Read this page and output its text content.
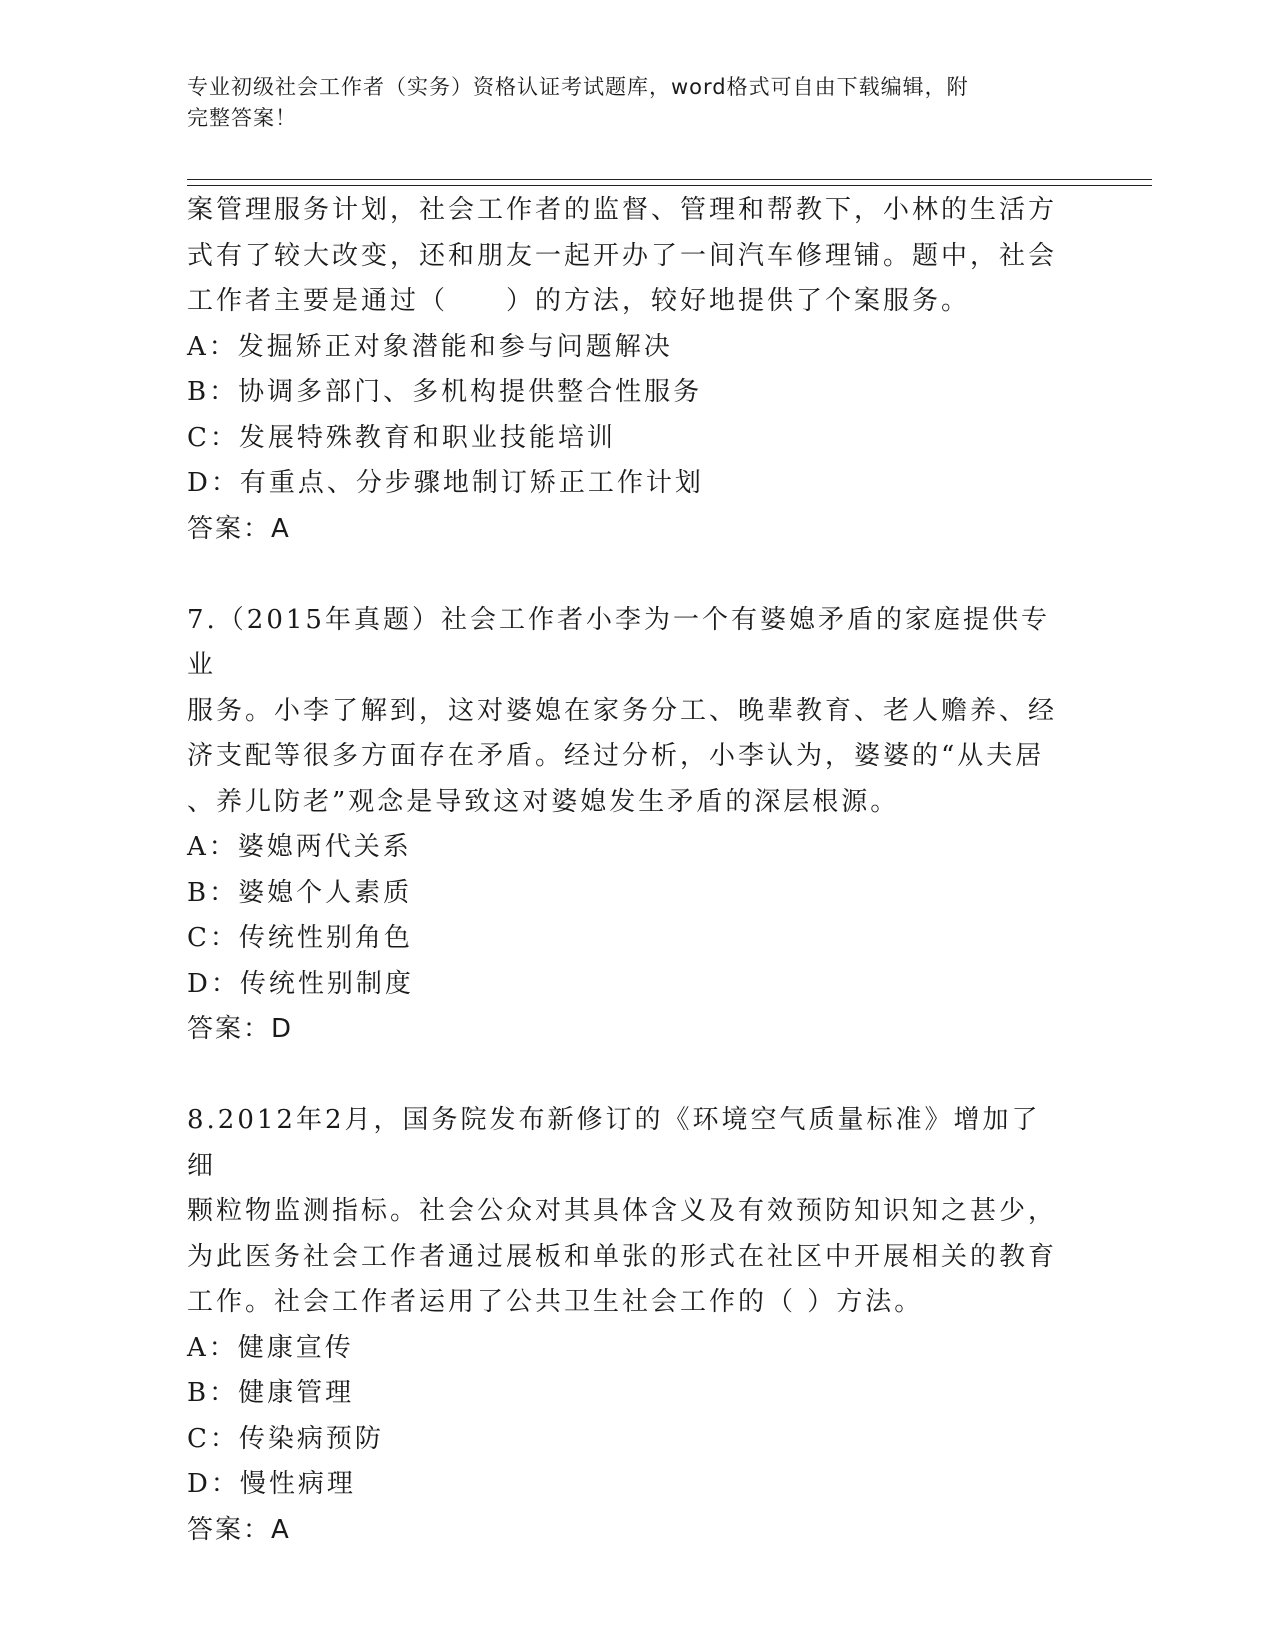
专业初级社会工作者（实务）资格认证考试题库，word格式可自由下载编辑，附
完整答案！

案管理服务计划，社会工作者的监督、管理和帮教下，小林的生活方

式有了较大改变，还和朋友一起开办了一间汽车修理铺。题中，社会

工作者主要是通过（　　）的方法，较好地提供了个案服务。

A：发掘矫正对象潜能和参与问题解决

B：协调多部门、多机构提供整合性服务

C：发展特殊教育和职业技能培训

D：有重点、分步骤地制订矫正工作计划

答案：A

7.（2015年真题）社会工作者小李为一个有婆媳矛盾的家庭提供专业

服务。小李了解到，这对婆媳在家务分工、晚辈教育、老人赡养、经

济支配等很多方面存在矛盾。经过分析，小李认为，婆婆的“从夫居

、养儿防老”观念是导致这对婆媳发生矛盾的深层根源。

A：婆媳两代关系

B：婆媳个人素质

C：传统性别角色

D：传统性别制度

答案：D

8.2012年2月，国务院发布新修订的《环境空气质量标准》增加了细

颗粒物监测指标。社会公众对其具体含义及有效预防知识知之甚少，

为此医务社会工作者通过展板和单张的形式在社区中开展相关的教育

工作。社会工作者运用了公共卫生社会工作的（ ）方法。

A：健康宣传

B：健康管理

C：传染病预防

D：慢性病理

答案：A
